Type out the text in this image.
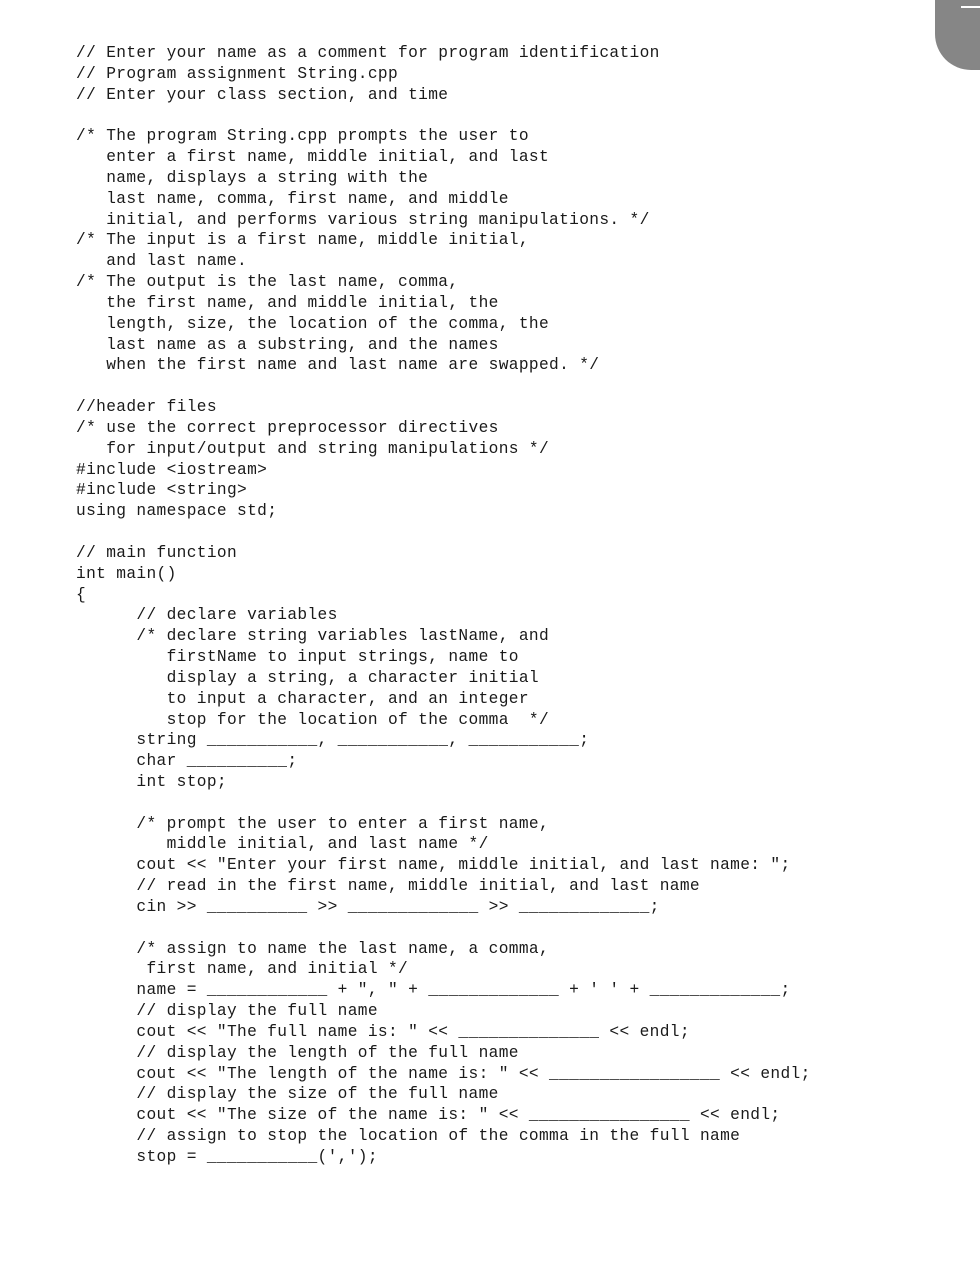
// Enter your name as a comment for program identification
// Program assignment String.cpp
// Enter your class section, and time
/* The program String.cpp prompts the user to
enter a first name, middle initial, and last
name, displays a string with the
last name, comma, first name, and middle
initial, and performs various string manipulations. */
/* The input is a first name, middle initial,
and last name.
/* The output is the last name, comma,
the first name, and middle initial, the
length, size, the location of the comma, the
last name as a substring, and the names
when the first name and last name are swapped. */
//header files
/* use the correct preprocessor directives
for input/output and string manipulations */
#include <iostream>
#include <string>
using namespace std;
// main function
int main()
{
// declare variables
/* declare string variables lastName, and
firstName to input strings, name to
display a string, a character initial
to input a character, and an integer
stop for the location of the comma  */
string ___________, ___________, ___________;
char __________;
int stop;
/* prompt the user to enter a first name,
middle initial, and last name */
cout << "Enter your first name, middle initial, and last name: ";
// read in the first name, middle initial, and last name
cin >> __________ >> _____________ >> _____________;
/* assign to name the last name, a comma,
first name, and initial */
name = ____________ + ", " + _____________ + ' ' + _____________;
// display the full name
cout << "The full name is: " << ______________ << endl;
// display the length of the full name
cout << "The length of the name is: " << _________________ << endl;
// display the size of the full name
cout << "The size of the name is: " << ________________ << endl;
// assign to stop the location of the comma in the full name
stop = ___________(',');
